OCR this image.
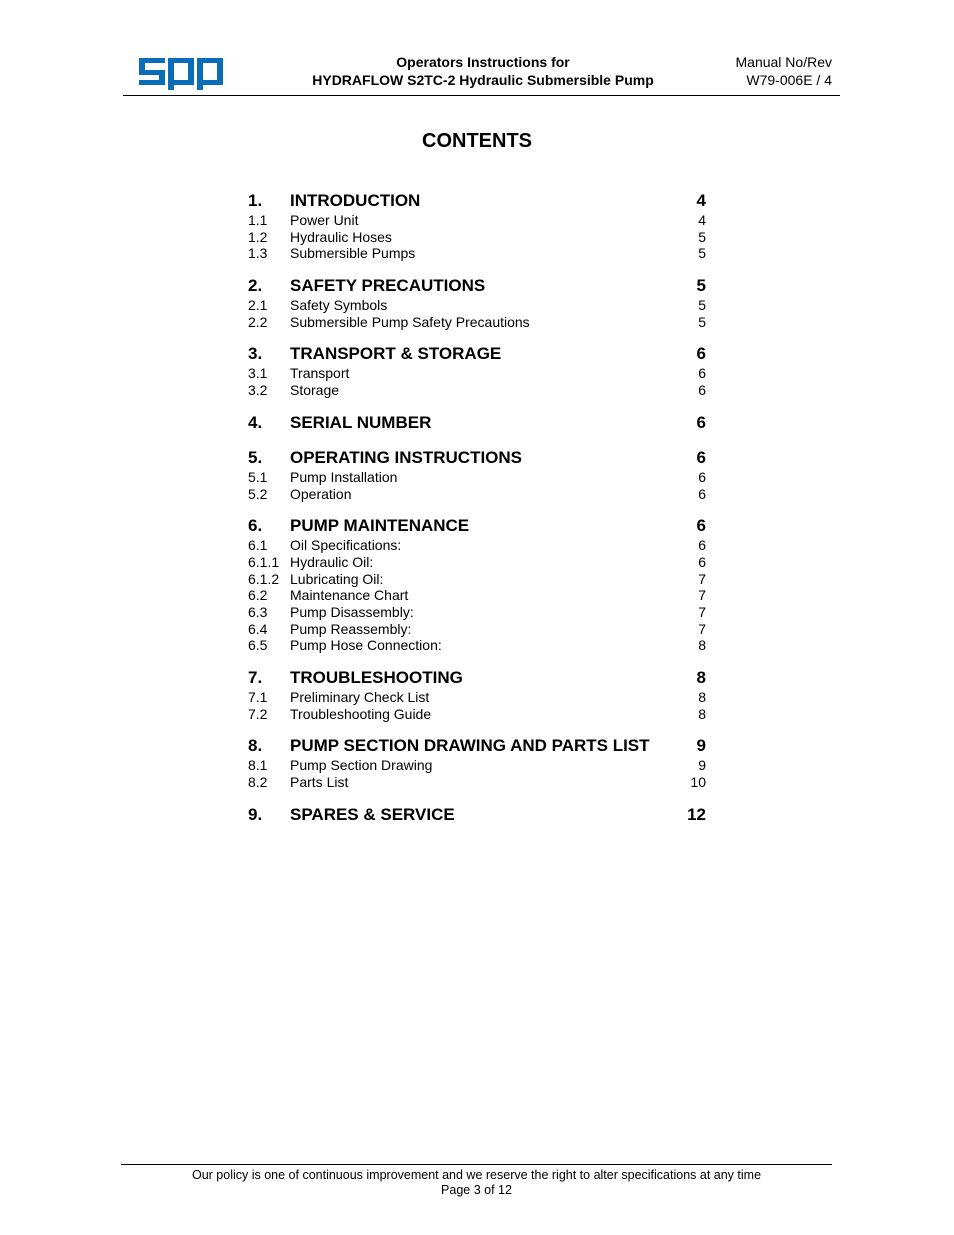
Operators Instructions for
HYDRAFLOW S2TC-2 Hydraulic Submersible Pump
Manual No/Rev
W79-006E / 4
CONTENTS
1. INTRODUCTION	4
1.1 Power Unit	4
1.2 Hydraulic Hoses	5
1.3 Submersible Pumps	5
2. SAFETY PRECAUTIONS	5
2.1 Safety Symbols	5
2.2 Submersible Pump Safety Precautions	5
3. TRANSPORT & STORAGE	6
3.1 Transport	6
3.2 Storage	6
4. SERIAL NUMBER	6
5. OPERATING INSTRUCTIONS	6
5.1 Pump Installation	6
5.2 Operation	6
6. PUMP MAINTENANCE	6
6.1 Oil Specifications:	6
6.1.1 Hydraulic Oil:	6
6.1.2 Lubricating Oil:	7
6.2 Maintenance Chart	7
6.3 Pump Disassembly:	7
6.4 Pump Reassembly:	7
6.5 Pump Hose Connection:	8
7. TROUBLESHOOTING	8
7.1 Preliminary Check List	8
7.2 Troubleshooting Guide	8
8. PUMP SECTION DRAWING AND PARTS LIST	9
8.1 Pump Section Drawing	9
8.2 Parts List	10
9. SPARES & SERVICE	12
Our policy is one of continuous improvement and we reserve the right to alter specifications at any time
Page 3 of 12
